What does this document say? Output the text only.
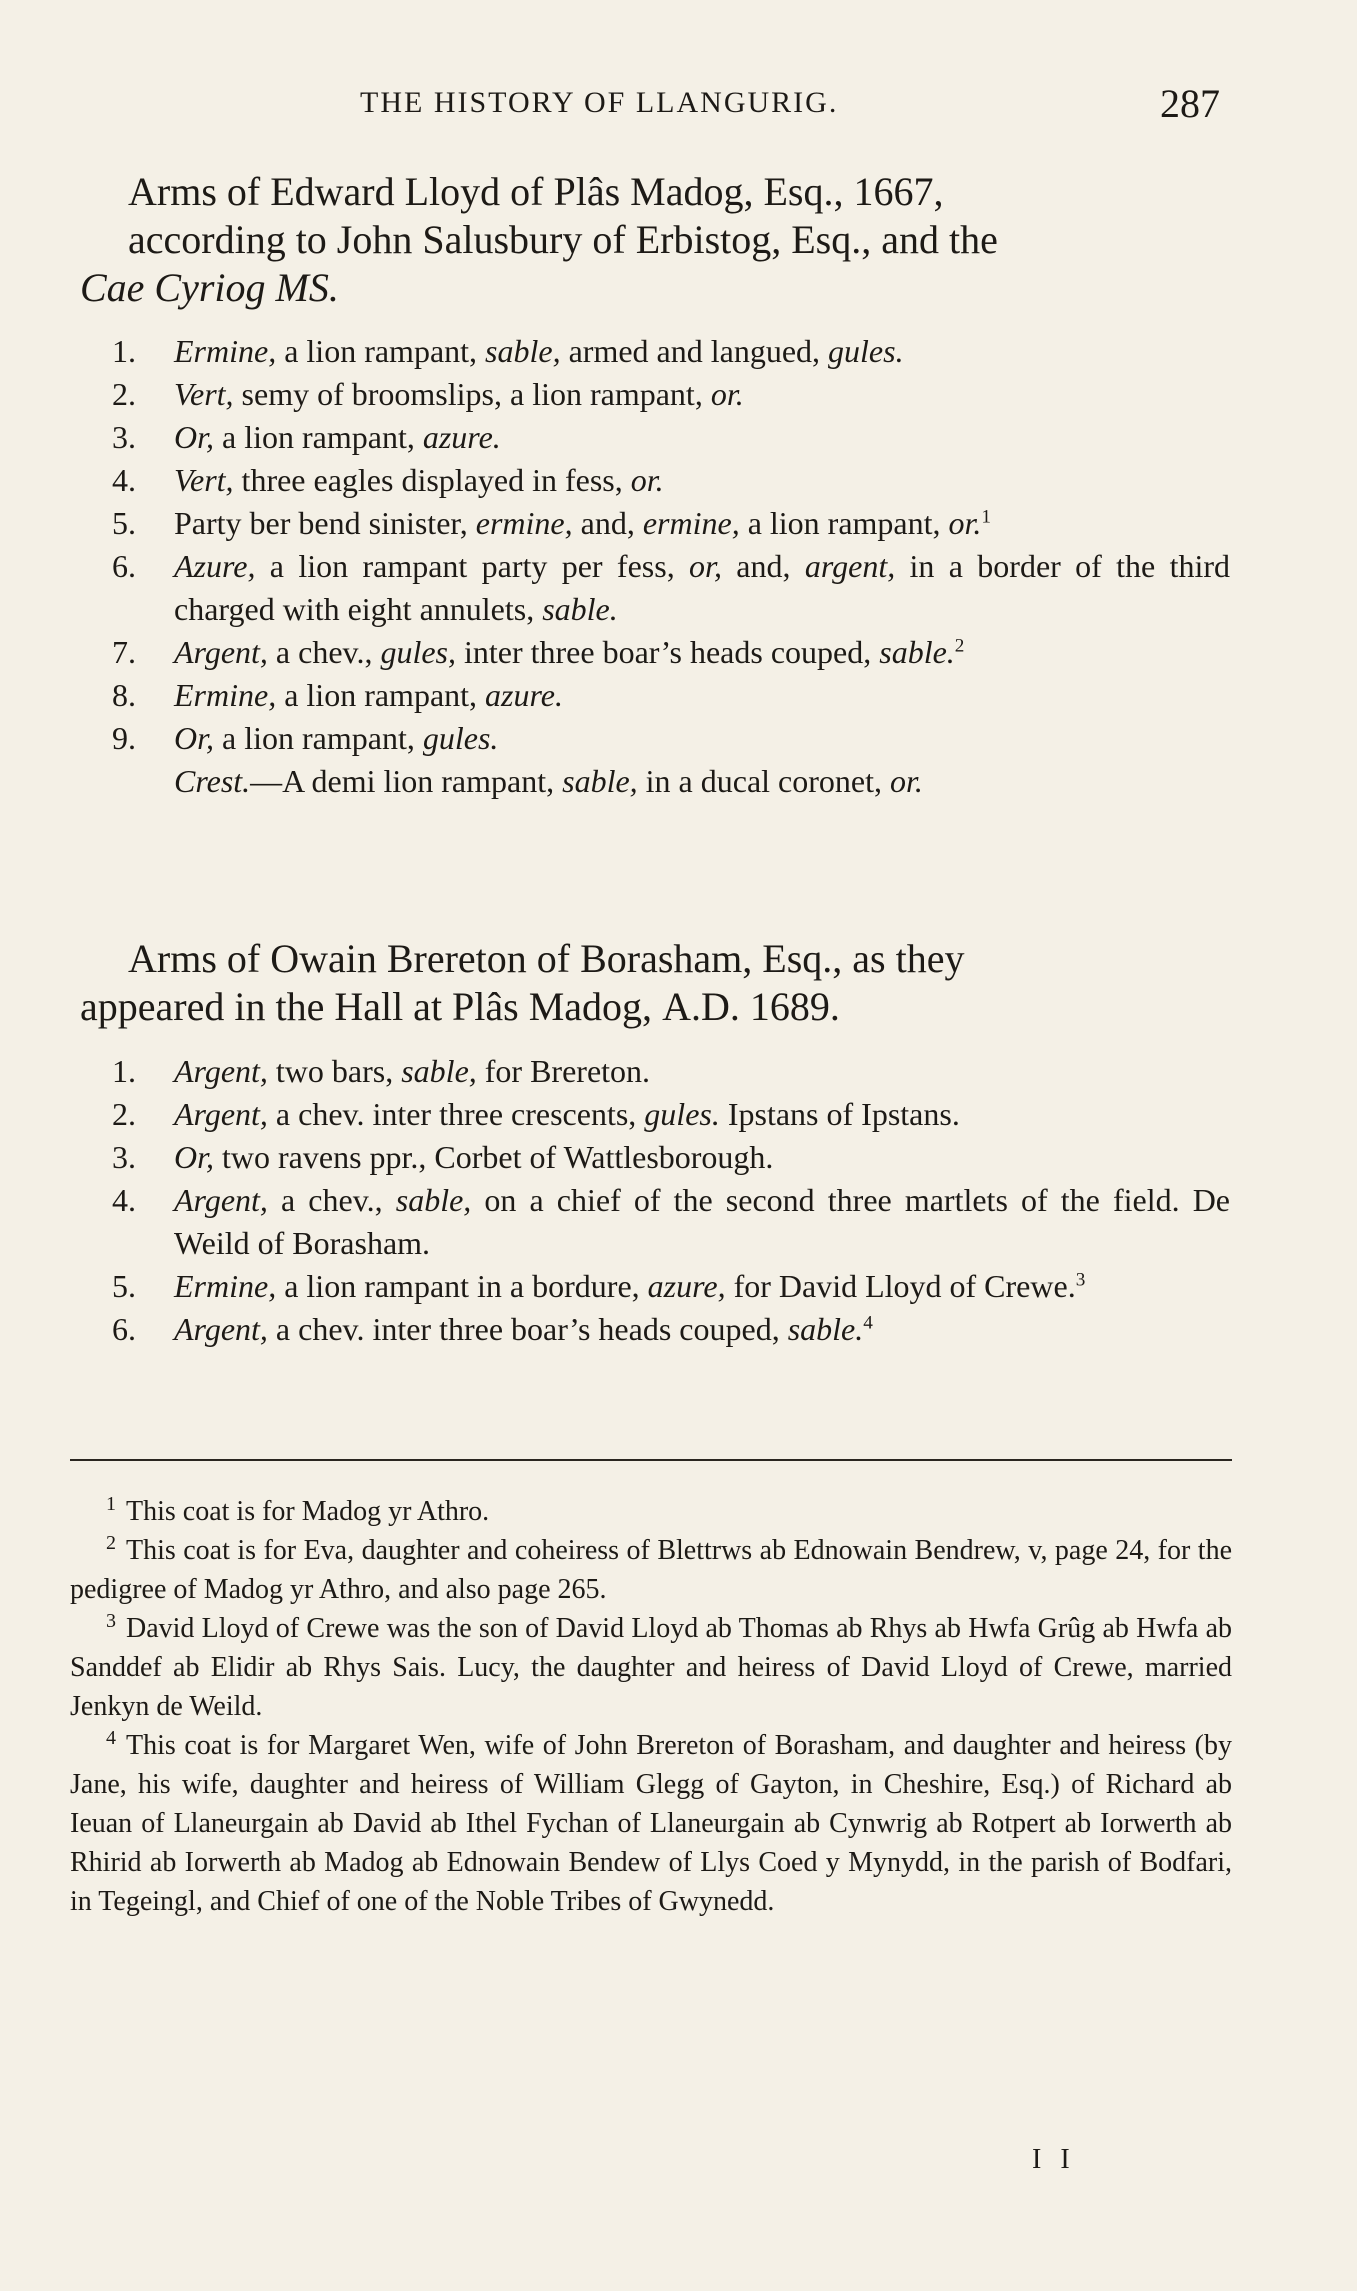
THE HISTORY OF LLANGURIG.	287
Arms of Edward Lloyd of Plâs Madog, Esq., 1667,
according to John Salusbury of Erbistog, Esq., and the
Cae Cyriog MS.
1.	Ermine, a lion rampant, sable, armed and langued, gules.
2.	Vert, semy of broomslips, a lion rampant, or.
3.	Or, a lion rampant, azure.
4.	Vert, three eagles displayed in fess, or.
5.	Party ber bend sinister, ermine, and, ermine, a lion rampant, or.$^1$
6.	Azure, a lion rampant party per fess, or, and, argent, in a border of the third charged with eight annulets, sable.
7.	Argent, a chev., gules, inter three boar’s heads couped, sable.$^2$
8.	Ermine, a lion rampant, azure.
9.	Or, a lion rampant, gules.
Crest.—A demi lion rampant, sable, in a ducal coronet, or.
Arms of Owain Brereton of Borasham, Esq., as they
appeared in the Hall at Plâs Madog, A.D. 1689.
1.	Argent, two bars, sable, for Brereton.
2.	Argent, a chev. inter three crescents, gules. Ipstans of Ipstans.
3.	Or, two ravens ppr., Corbet of Wattlesborough.
4.	Argent, a chev., sable, on a chief of the second three martlets of the field. De Weild of Borasham.
5.	Ermine, a lion rampant in a bordure, azure, for David Lloyd of Crewe.$^3$
6.	Argent, a chev. inter three boar’s heads couped, sable.$^4$
$^1$ This coat is for Madog yr Athro.
$^2$ This coat is for Eva, daughter and coheiress of Blettrws ab Ednowain Bendrew, v, page 24, for the pedigree of Madog yr Athro, and also page 265.
$^3$ David Lloyd of Crewe was the son of David Lloyd ab Thomas ab Rhys ab Hwfa Grûg ab Hwfa ab Sanddef ab Elidir ab Rhys Sais. Lucy, the daughter and heiress of David Lloyd of Crewe, married Jenkyn de Weild.
$^4$ This coat is for Margaret Wen, wife of John Brereton of Borasham, and daughter and heiress (by Jane, his wife, daughter and heiress of William Glegg of Gayton, in Cheshire, Esq.) of Richard ab Ieuan of Llaneurgain ab David ab Ithel Fychan of Llaneurgain ab Cynwrig ab Rotpert ab Iorwerth ab Rhirid ab Iorwerth ab Madog ab Ednowain Bendew of Llys Coed y Mynydd, in the parish of Bodfari, in Tegeingl, and Chief of one of the Noble Tribes of Gwynedd.
I I
